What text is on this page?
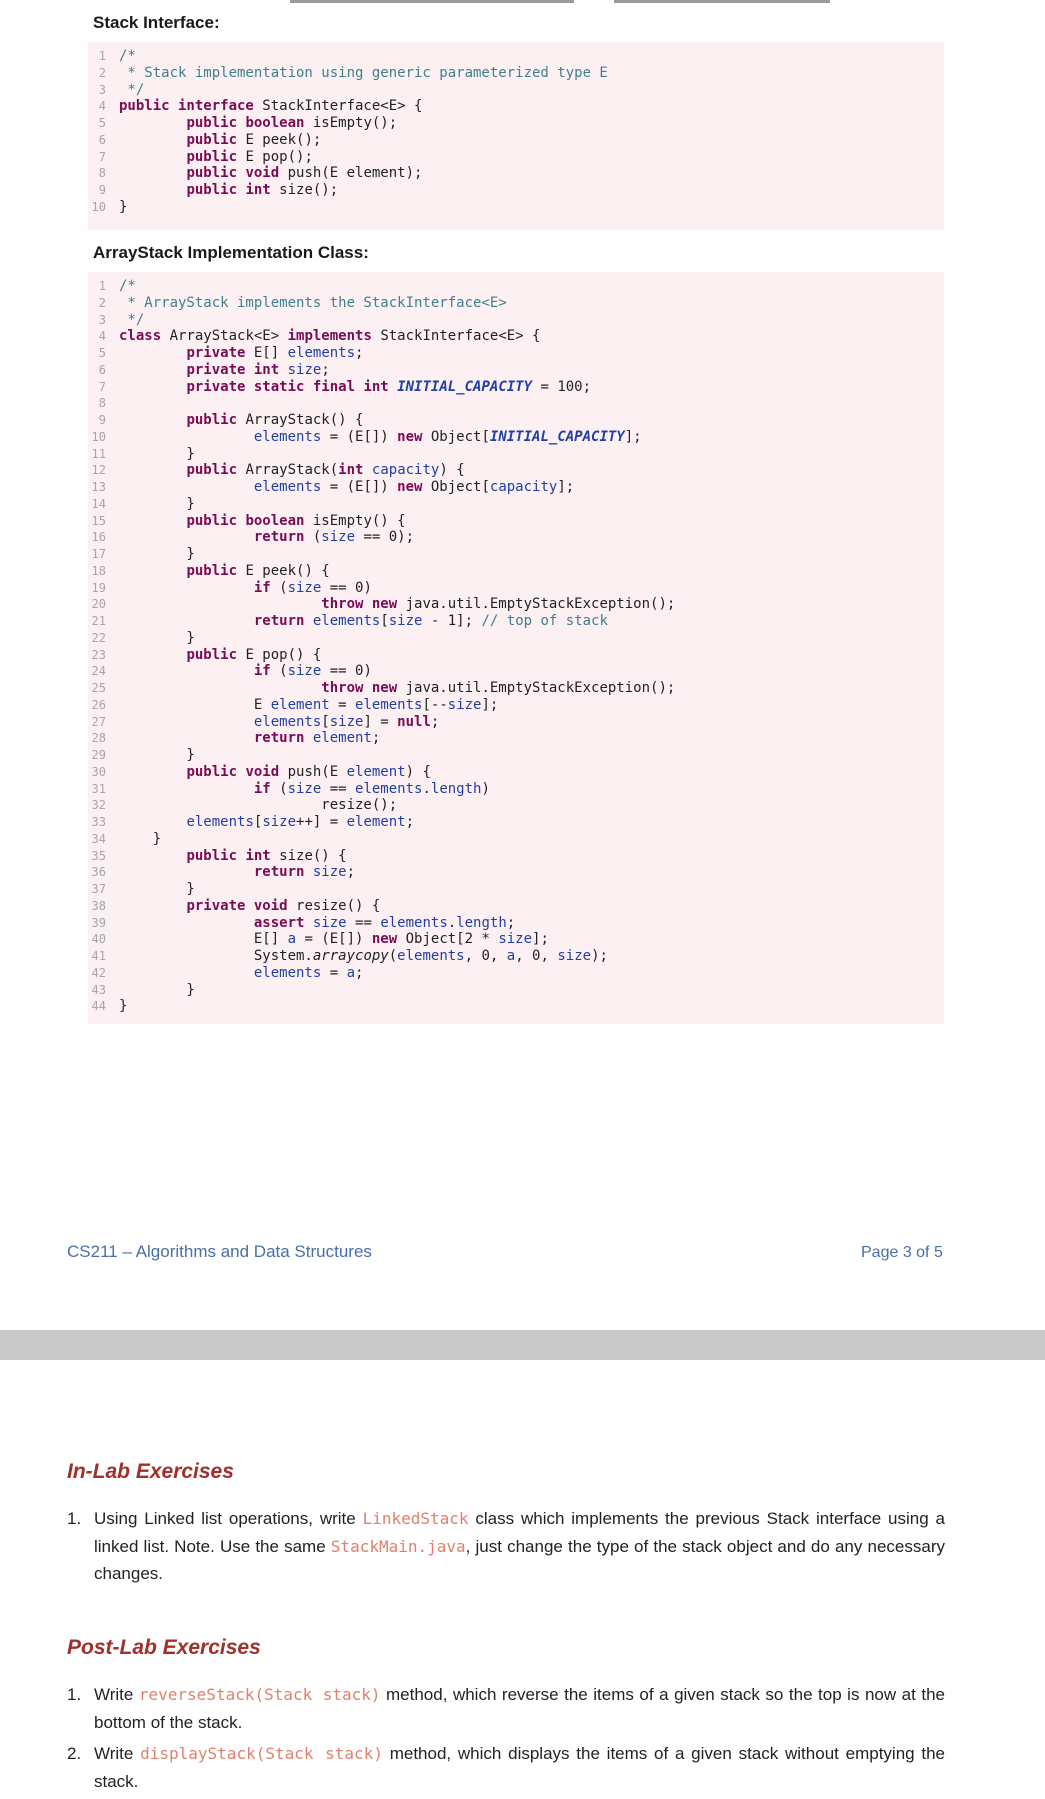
Stack Interface:
1 /*
2 * Stack implementation using generic parameterized type E
3 */
4 public interface StackInterface<E> {
5	public boolean isEmpty();
6	public E peek();
7	public E pop();
8	public void push(E element);
9	public int size();
10 }
ArrayStack Implementation Class:
1 /*
2 * ArrayStack implements the StackInterface<E>
3 */
4 class ArrayStack<E> implements StackInterface<E> {
5	private E[] elements;
6	private int size;
7	private static final int INITIAL_CAPACITY = 100;
8
9	public ArrayStack() {
10	elements = (E[]) new Object[INITIAL_CAPACITY];
11 }
12	public ArrayStack(int capacity) {
13	elements = (E[]) new Object[capacity];
14 }
15	public boolean isEmpty() {
16	return (size == 0);
17 }
18	public E peek() {
19	if (size == 0)
20	throw new java.util.EmptyStackException();
21	return elements[size - 1]; // top of stack
22 }
23	public E pop() {
24	if (size == 0)
25	throw new java.util.EmptyStackException();
26 E element = elements[--size];
27	elements[size] = null;
28	return element;
29 }
30	public void push(E element) {
31	if (size == elements.length)
32 resize();
33	elements[size++] = element;
34 }
35	public int size() {
36	return size;
37 }
38	private void resize() {
39	assert size == elements.length;
40 E[] a = (E[]) new Object[2 * size];
41 System.arraycopy(elements, 0, a, 0, size);
42	elements = a;
43 }
44 }
CS211 – Algorithms and Data Structures	Page 3 of 5
In-Lab Exercises
1. Using Linked list operations, write LinkedStack class which implements the previous Stack interface using a linked list. Note. Use the same StackMain.java, just change the type of the stack object and do any necessary changes.
Post-Lab Exercises
1. Write reverseStack(Stack stack) method, which reverse the items of a given stack so the top is now at the bottom of the stack.
2. Write displayStack(Stack stack) method, which displays the items of a given stack without emptying the stack.
